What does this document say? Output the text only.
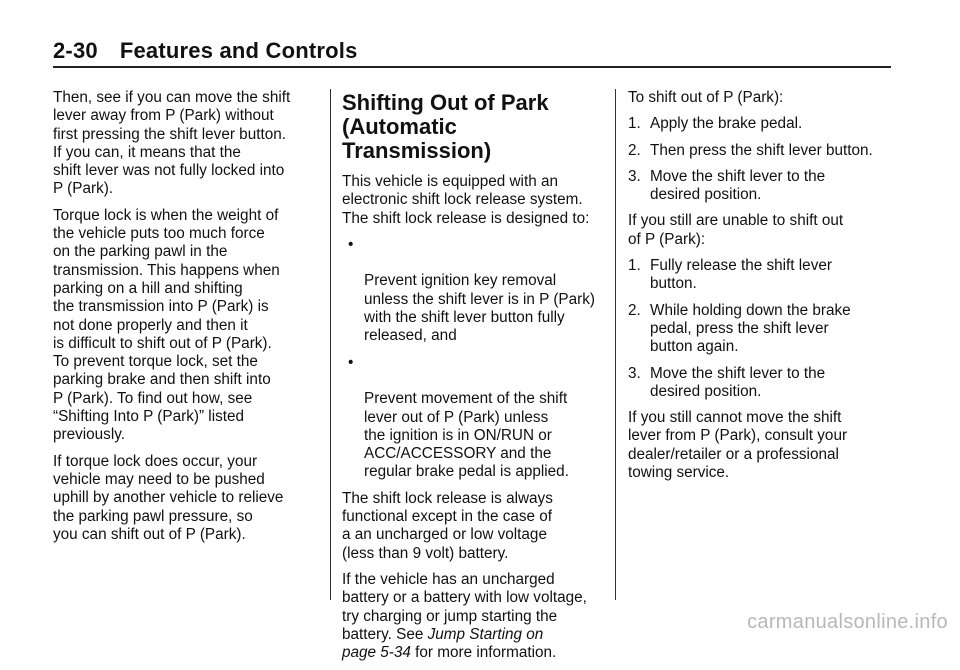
2-30 Features and Controls

Then, see if you can move the shift
lever away from P (Park) without
first pressing the shift lever button.
If you can, it means that the
shift lever was not fully locked into
P (Park).

Torque lock is when the weight of
the vehicle puts too much force
on the parking pawl in the
transmission. This happens when
parking on a hill and shifting
the transmission into P (Park) is
not done properly and then it
is difficult to shift out of P (Park).
To prevent torque lock, set the
parking brake and then shift into
P (Park). To find out how, see
“Shifting Into P (Park)” listed
previously.

If torque lock does occur, your
vehicle may need to be pushed
uphill by another vehicle to relieve
the parking pawl pressure, so
you can shift out of P (Park).

Shifting Out of Park
(Automatic
Transmission)

This vehicle is equipped with an
electronic shift lock release system.
The shift lock release is designed to:

•

Prevent ignition key removal
unless the shift lever is in P (Park)
with the shift lever button fully
released, and

•

Prevent movement of the shift
lever out of P (Park) unless
the ignition is in ON/RUN or
ACC/ACCESSORY and the
regular brake pedal is applied.

The shift lock release is always
functional except in the case of
a an uncharged or low voltage
(less than 9 volt) battery.

If the vehicle has an uncharged
battery or a battery with low voltage,
try charging or jump starting the
battery. See Jump Starting on
page 5-34 for more information.

To shift out of P (Park):

1. Apply the brake pedal.
2. Then press the shift lever button.
3. Move the shift lever to the
desired position.

If you still are unable to shift out
of P (Park):

1. Fully release the shift lever
button.
2. While holding down the brake
pedal, press the shift lever
button again.
3. Move the shift lever to the
desired position.

If you still cannot move the shift
lever from P (Park), consult your
dealer/retailer or a professional
towing service.

carmanualsonline.info
